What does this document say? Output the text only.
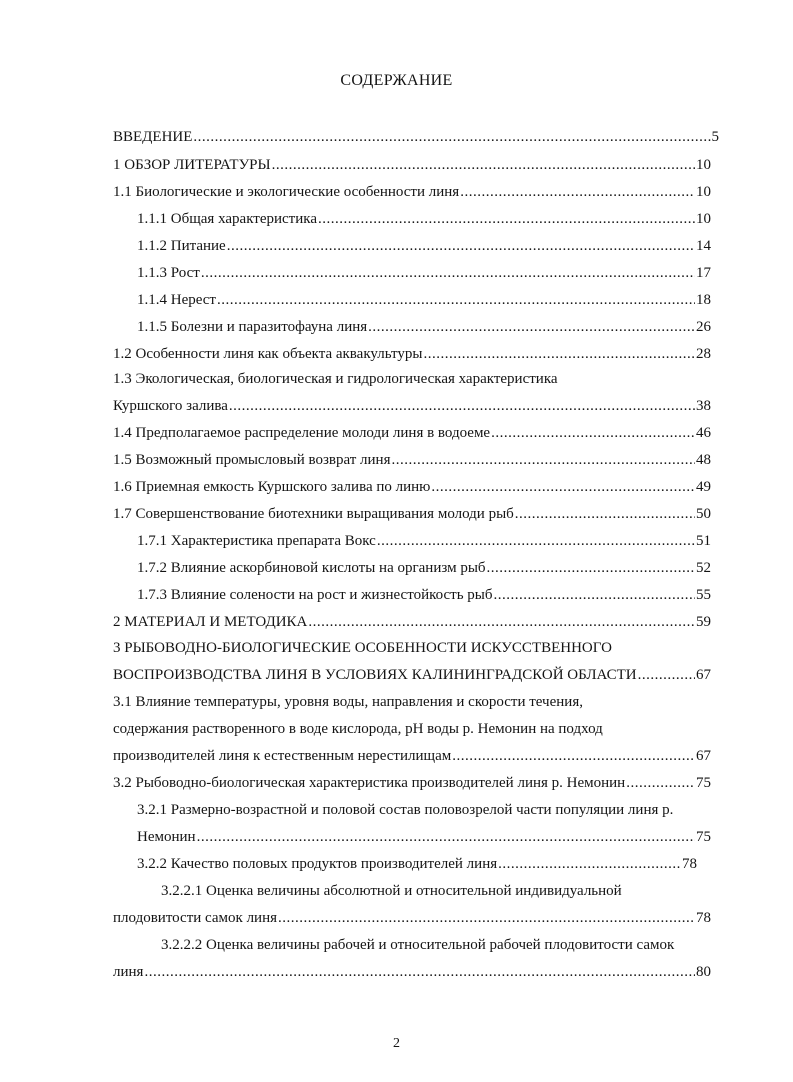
СОДЕРЖАНИЕ
ВВЕДЕНИЕ .....	5
1 ОБЗОР ЛИТЕРАТУРЫ .....	10
1.1 Биологические и экологические особенности линя .....	10
1.1.1 Общая характеристика .....	10
1.1.2 Питание .....	14
1.1.3 Рост .....	17
1.1.4 Нерест .....	18
1.1.5 Болезни и паразитофауна линя .....	26
1.2 Особенности линя как объекта аквакультуры .....	28
1.3 Экологическая, биологическая и гидрологическая характеристика
Куршского залива .....	38
1.4 Предполагаемое распределение молоди линя в водоеме .....	46
1.5 Возможный промысловый возврат линя .....	48
1.6 Приемная емкость Куршского залива по линю .....	49
1.7 Совершенствование биотехники выращивания молоди рыб .....	50
1.7.1 Характеристика препарата Вокс .....	51
1.7.2 Влияние аскорбиновой кислоты на организм рыб .....	52
1.7.3 Влияние солености на рост и жизнестойкость рыб .....	55
2 МАТЕРИАЛ И МЕТОДИКА .....	59
3 РЫБОВОДНО-БИОЛОГИЧЕСКИЕ ОСОБЕННОСТИ ИСКУССТВЕННОГО
ВОСПРОИЗВОДСТВА ЛИНЯ В УСЛОВИЯХ КАЛИНИНГРАДСКОЙ ОБЛАСТИ .....	67
3.1 Влияние температуры, уровня воды, направления и скорости течения,
содержания растворенного в воде кислорода, рН воды р. Немонин на подход
производителей линя к естественным нерестилищам .....	67
3.2 Рыбоводно-биологическая характеристика производителей линя р. Немонин .....	75
3.2.1 Размерно-возрастной и половой состав половозрелой части популяции линя р.
Немонин .....	75
3.2.2 Качество половых продуктов производителей линя .....	78
3.2.2.1 Оценка величины абсолютной и относительной индивидуальной
плодовитости самок линя .....	78
3.2.2.2 Оценка величины рабочей и относительной рабочей плодовитости самок
линя .....	80
2
